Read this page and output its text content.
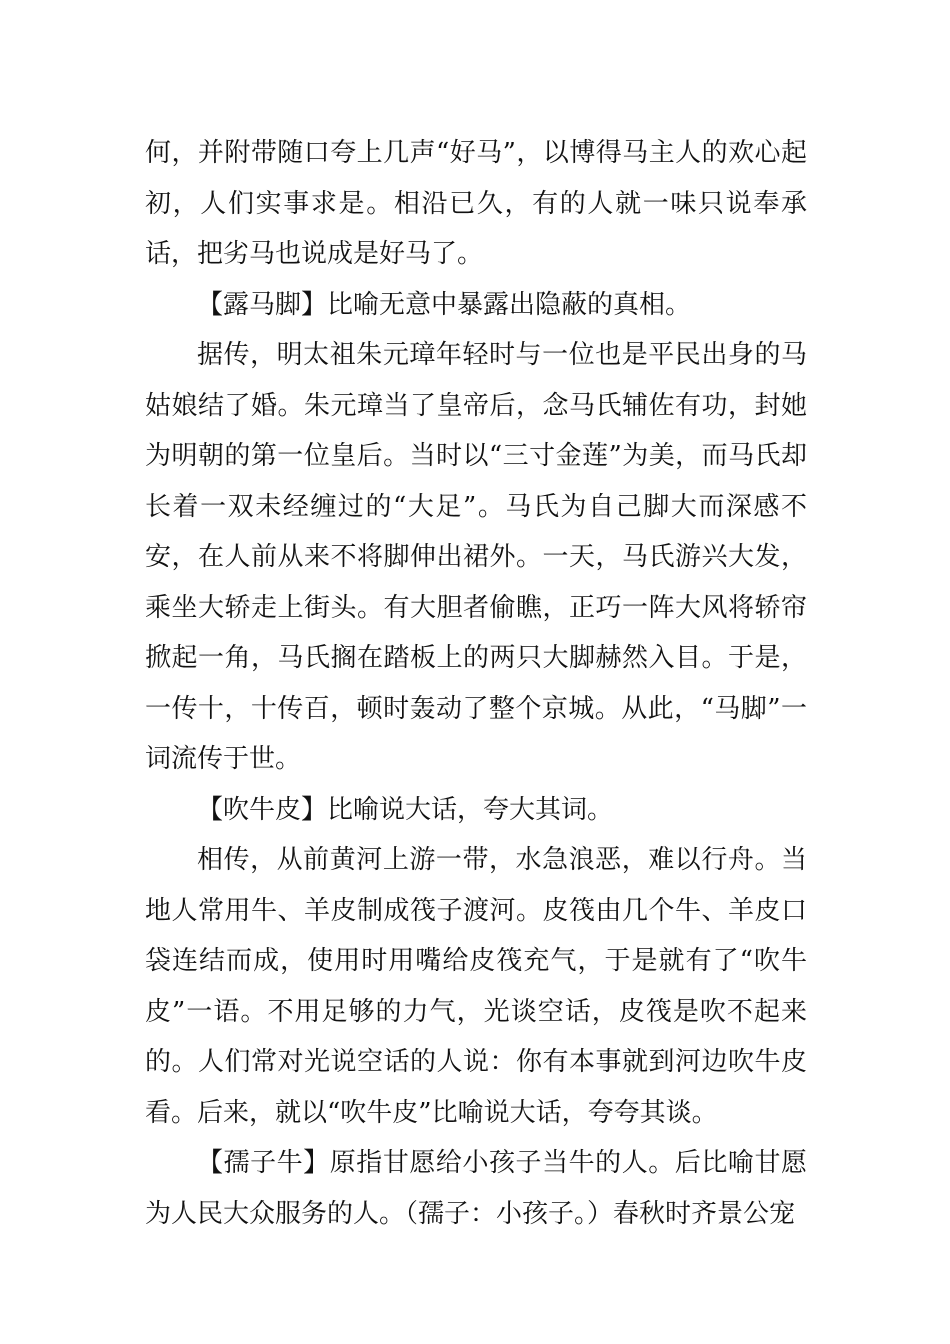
何，并附带随口夸上几声“好马”，以博得马主人的欢心起初，人们实事求是。相沿已久，有的人就一味只说奉承话，把劣马也说成是好马了。

【露马脚】比喻无意中暴露出隐蔽的真相。

据传，明太祖朱元璋年轻时与一位也是平民出身的马姑娘结了婚。朱元璋当了皇帝后，念马氏辅佐有功，封她为明朝的第一位皇后。当时以“三寸金莲”为美，而马氏却长着一双未经缠过的“大足”。马氏为自己脚大而深感不安，在人前从来不将脚伸出裙外。一天，马氏游兴大发，乘坐大轿走上街头。有大胆者偷瞧，正巧一阵大风将轿帘掀起一角，马氏搁在踏板上的两只大脚赫然入目。于是，一传十，十传百，顿时轰动了整个京城。从此，“马脚”一词流传于世。

【吹牛皮】比喻说大话，夸大其词。

相传，从前黄河上游一带，水急浪恶，难以行舟。当地人常用牛、羊皮制成筏子渡河。皮筏由几个牛、羊皮口袋连结而成，使用时用嘴给皮筏充气，于是就有了“吹牛皮”一语。不用足够的力气，光谈空话，皮筏是吹不起来的。人们常对光说空话的人说：你有本事就到河边吹牛皮看。后来，就以“吹牛皮”比喻说大话，夸夸其谈。

【孺子牛】原指甘愿给小孩子当牛的人。后比喻甘愿为人民大众服务的人。（孺子：小孩子。）春秋时齐景公宠
